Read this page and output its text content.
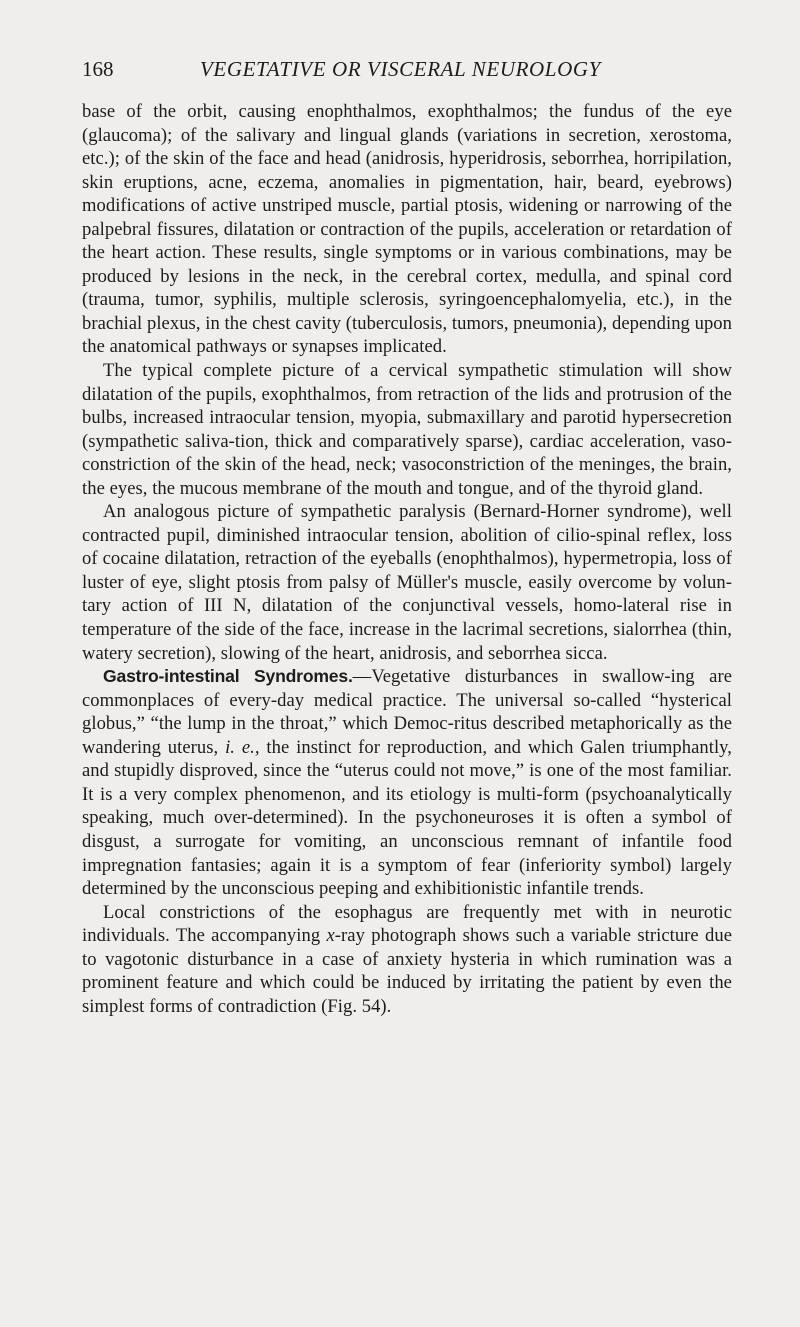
168	VEGETATIVE OR VISCERAL NEUROLOGY

base of the orbit, causing enophthalmos, exophthalmos; the fundus of the eye (glaucoma); of the salivary and lingual glands (variations in secretion, xerostoma, etc.); of the skin of the face and head (anidrosis, hyperidrosis, seborrhea, horripilation, skin eruptions, acne, eczema, anomalies in pigmentation, hair, beard, eyebrows) modifications of active unstriped muscle, partial ptosis, widening or narrowing of the palpebral fissures, dilatation or contraction of the pupils, acceleration or retardation of the heart action. These results, single symptoms or in various combinations, may be produced by lesions in the neck, in the cerebral cortex, medulla, and spinal cord (trauma, tumor, syphilis, multiple sclerosis, syringoencephalomyelia, etc.), in the brachial plexus, in the chest cavity (tuberculosis, tumors, pneumonia), depending upon the anatomical pathways or synapses implicated.

The typical complete picture of a cervical sympathetic stimulation will show dilatation of the pupils, exophthalmos, from retraction of the lids and protrusion of the bulbs, increased intraocular tension, myopia, submaxillary and parotid hypersecretion (sympathetic saliva-tion, thick and comparatively sparse), cardiac acceleration, vaso-constriction of the skin of the head, neck; vasoconstriction of the meninges, the brain, the eyes, the mucous membrane of the mouth and tongue, and of the thyroid gland.

An analogous picture of sympathetic paralysis (Bernard-Horner syndrome), well contracted pupil, diminished intraocular tension, abolition of cilio-spinal reflex, loss of cocaine dilatation, retraction of the eyeballs (enophthalmos), hypermetropia, loss of luster of eye, slight ptosis from palsy of Müller's muscle, easily overcome by volun-tary action of III N, dilatation of the conjunctival vessels, homo-lateral rise in temperature of the side of the face, increase in the lacrimal secretions, sialorrhea (thin, watery secretion), slowing of the heart, anidrosis, and seborrhea sicca.

Gastro-intestinal Syndromes.—Vegetative disturbances in swallow-ing are commonplaces of every-day medical practice. The universal so-called “hysterical globus,” “the lump in the throat,” which Democ-ritus described metaphorically as the wandering uterus, i. e., the instinct for reproduction, and which Galen triumphantly, and stupidly disproved, since the “uterus could not move,” is one of the most familiar. It is a very complex phenomenon, and its etiology is multi-form (psychoanalytically speaking, much over-determined). In the psychoneuroses it is often a symbol of disgust, a surrogate for vomiting, an unconscious remnant of infantile food impregnation fantasies; again it is a symptom of fear (inferiority symbol) largely determined by the unconscious peeping and exhibitionistic infantile trends.

Local constrictions of the esophagus are frequently met with in neurotic individuals. The accompanying x-ray photograph shows such a variable stricture due to vagotonic disturbance in a case of anxiety hysteria in which rumination was a prominent feature and which could be induced by irritating the patient by even the simplest forms of contradiction (Fig. 54).
